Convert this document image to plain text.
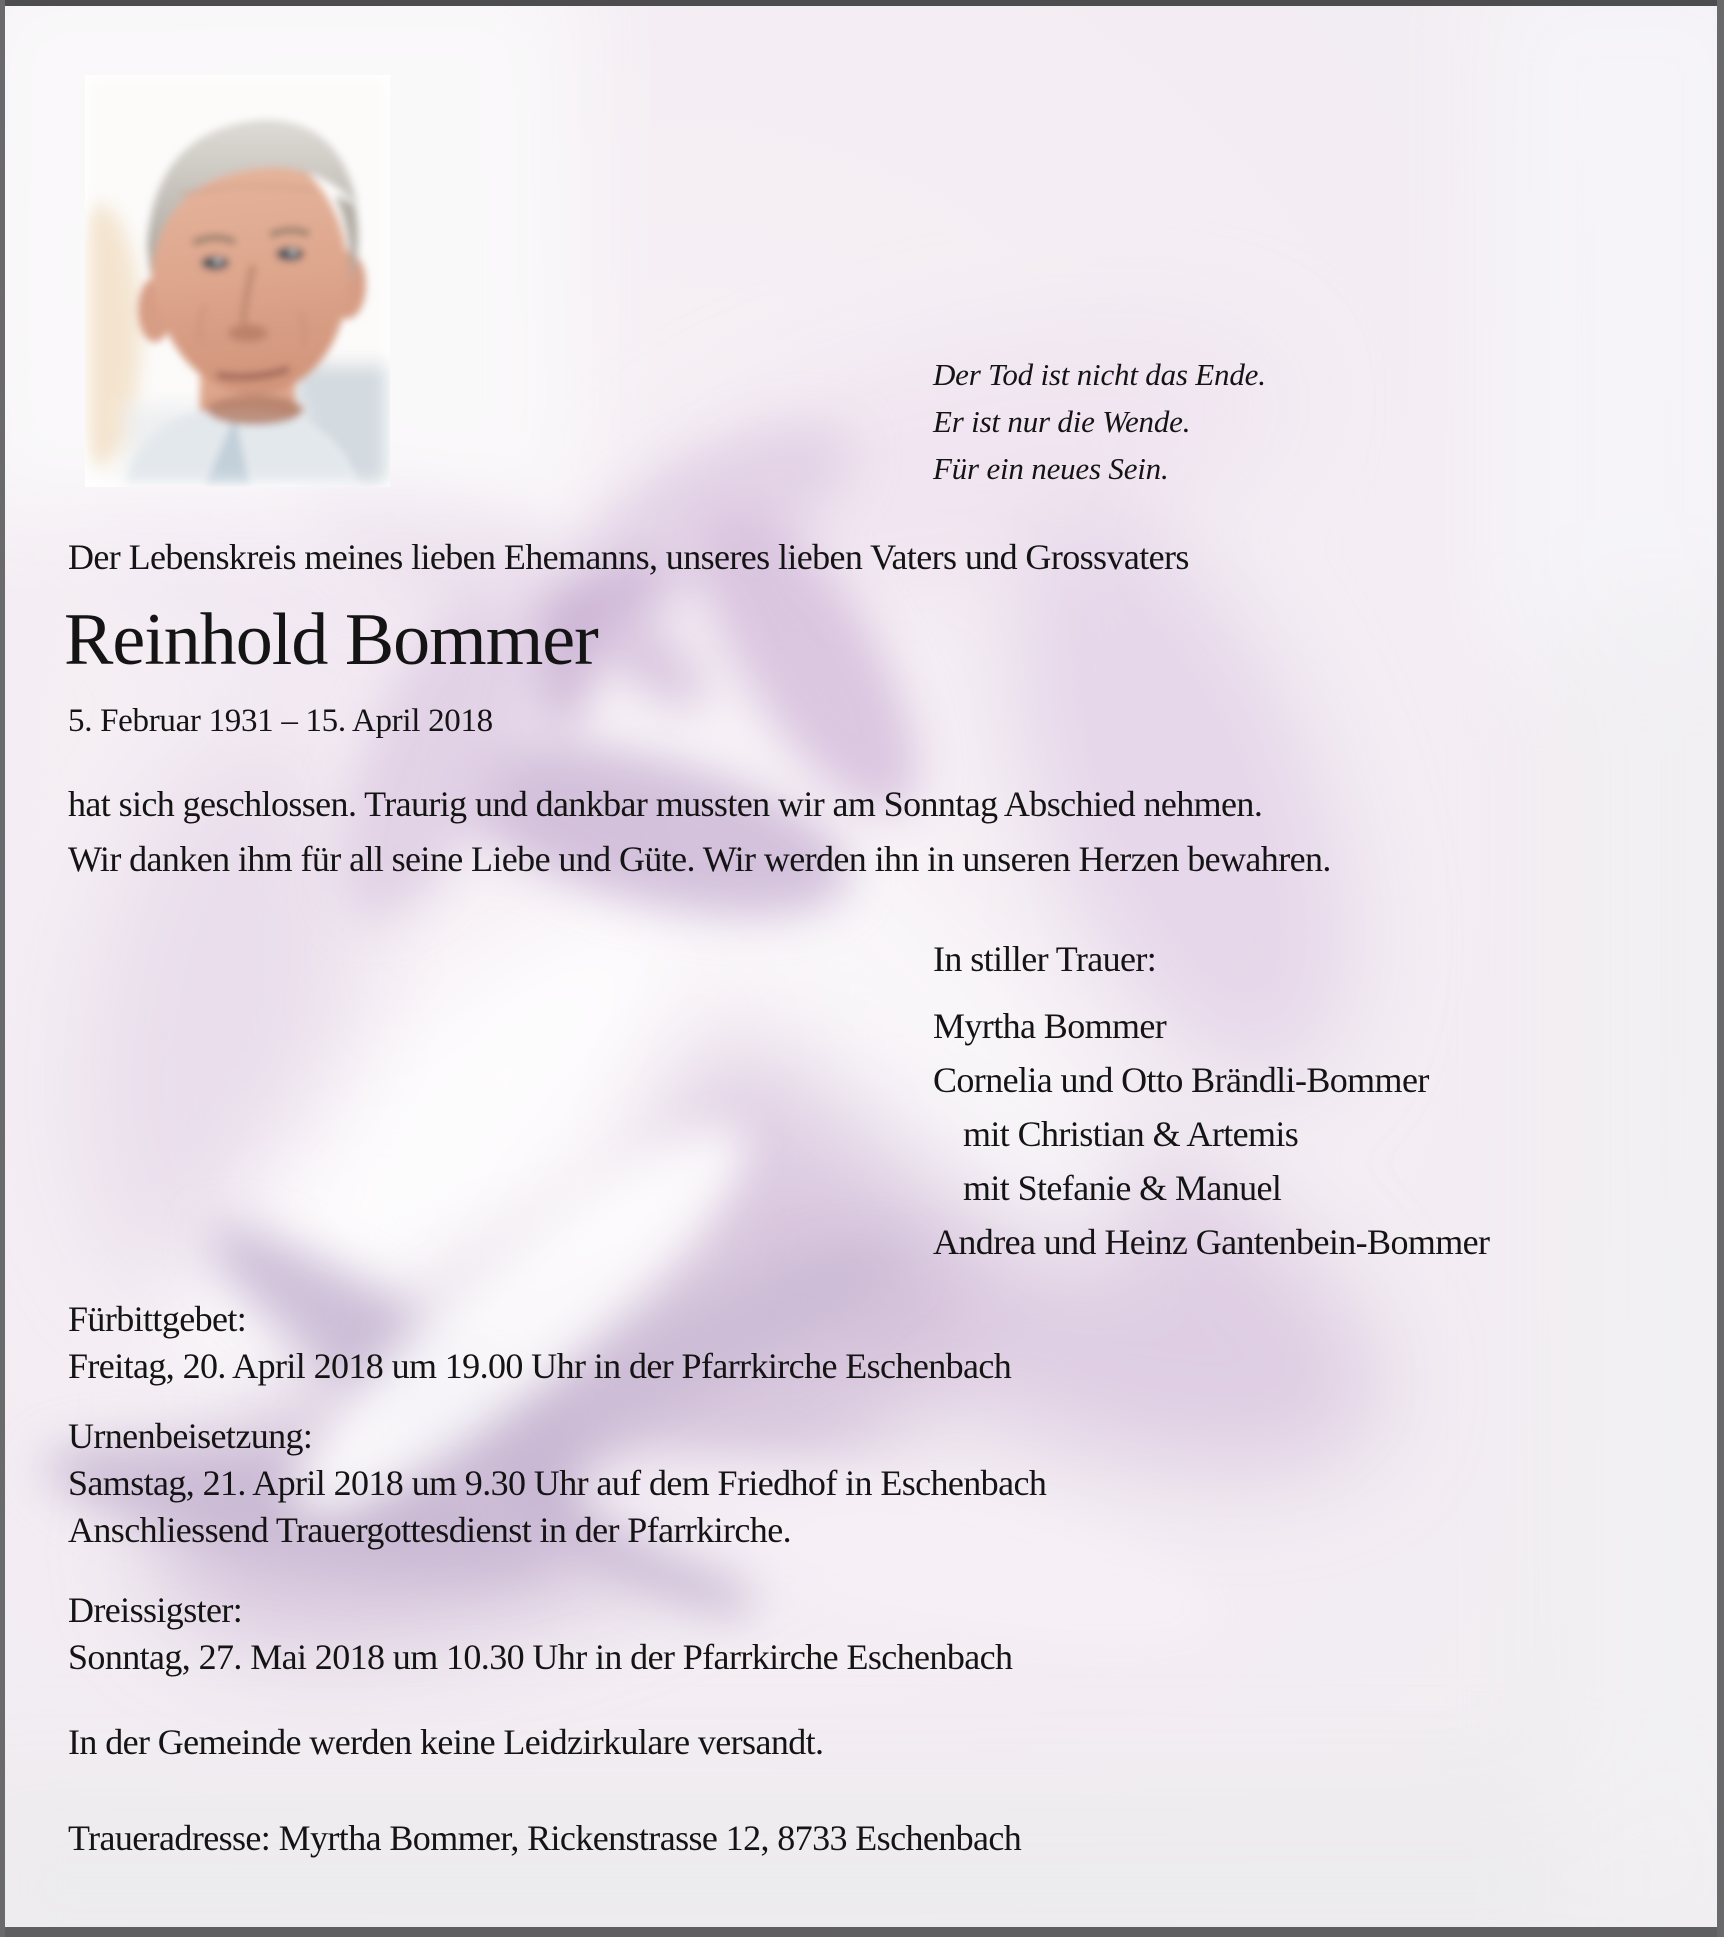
Der Tod ist nicht das Ende.
Er ist nur die Wende.
Für ein neues Sein.
Der Lebenskreis meines lieben Ehemanns, unseres lieben Vaters und Grossvaters
Reinhold Bommer
5. Februar 1931 – 15. April 2018
hat sich geschlossen. Traurig und dankbar mussten wir am Sonntag Abschied nehmen.
Wir danken ihm für all seine Liebe und Güte. Wir werden ihn in unseren Herzen bewahren.
In stiller Trauer:
Myrtha Bommer
Cornelia und Otto Brändli-Bommer
mit Christian & Artemis
mit Stefanie & Manuel
Andrea und Heinz Gantenbein-Bommer
Fürbittgebet:
Freitag, 20. April 2018 um 19.00 Uhr in der Pfarrkirche Eschenbach
Urnenbeisetzung:
Samstag, 21. April 2018 um 9.30 Uhr auf dem Friedhof in Eschenbach
Anschliessend Trauergottesdienst in der Pfarrkirche.
Dreissigster:
Sonntag, 27. Mai 2018 um 10.30 Uhr in der Pfarrkirche Eschenbach
In der Gemeinde werden keine Leidzirkulare versandt.
Traueradresse: Myrtha Bommer, Rickenstrasse 12, 8733 Eschenbach
